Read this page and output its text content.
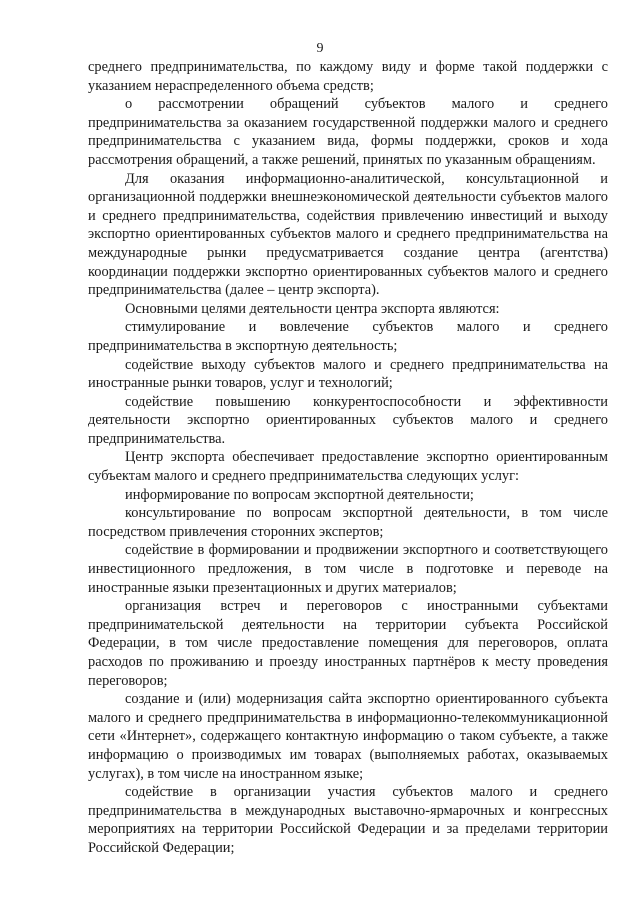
9

среднего предпринимательства, по каждому виду и форме такой поддержки с указанием нераспределенного объема средств;

о рассмотрении обращений субъектов малого и среднего предпринимательства за оказанием государственной поддержки малого и среднего предпринимательства с указанием вида, формы поддержки, сроков и хода рассмотрения обращений, а также решений, принятых по указанным обращениям.

Для оказания информационно-аналитической, консультационной и организационной поддержки внешнеэкономической деятельности субъектов малого и среднего предпринимательства, содействия привлечению инвестиций и выходу экспортно ориентированных субъектов малого и среднего предпринимательства на международные рынки предусматривается создание центра (агентства) координации поддержки экспортно ориентированных субъектов малого и среднего предпринимательства (далее – центр экспорта).

Основными целями деятельности центра экспорта являются:

стимулирование и вовлечение субъектов малого и среднего предпринимательства в экспортную деятельность;

содействие выходу субъектов малого и среднего предпринимательства на иностранные рынки товаров, услуг и технологий;

содействие повышению конкурентоспособности и эффективности деятельности экспортно ориентированных субъектов малого и среднего предпринимательства.

Центр экспорта обеспечивает предоставление экспортно ориентированным субъектам малого и среднего предпринимательства следующих услуг:

информирование по вопросам экспортной деятельности;

консультирование по вопросам экспортной деятельности, в том числе посредством привлечения сторонних экспертов;

содействие в формировании и продвижении экспортного и соответствующего инвестиционного предложения, в том числе в подготовке и переводе на иностранные языки презентационных и других материалов;

организация встреч и переговоров с иностранными субъектами предпринимательской деятельности на территории субъекта Российской Федерации, в том числе предоставление помещения для переговоров, оплата расходов по проживанию и проезду иностранных партнёров к месту проведения переговоров;

создание и (или) модернизация сайта экспортно ориентированного субъекта малого и среднего предпринимательства в информационно-телекоммуникационной сети «Интернет», содержащего контактную информацию о таком субъекте, а также информацию о производимых им товарах (выполняемых работах, оказываемых услугах), в том числе на иностранном языке;

содействие в организации участия субъектов малого и среднего предпринимательства в международных выставочно-ярмарочных и конгрессных мероприятиях на территории Российской Федерации и за пределами территории Российской Федерации;
